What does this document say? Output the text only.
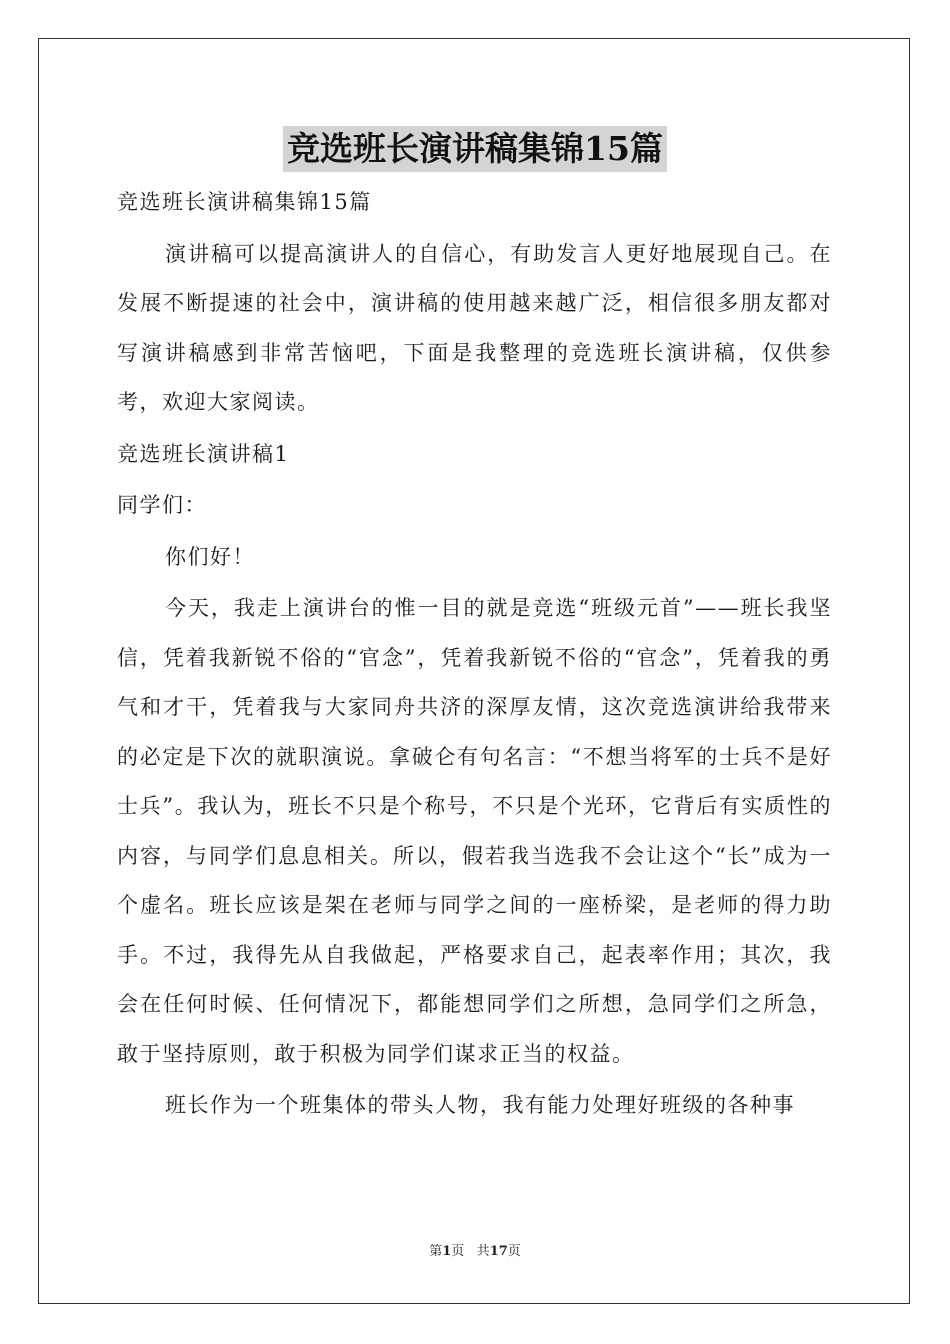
竞选班长演讲稿集锦15篇

竞选班长演讲稿集锦15篇

演讲稿可以提高演讲人的自信心，有助发言人更好地展现自己。在发展不断提速的社会中，演讲稿的使用越来越广泛，相信很多朋友都对写演讲稿感到非常苦恼吧，下面是我整理的竞选班长演讲稿，仅供参考，欢迎大家阅读。

竞选班长演讲稿1

同学们：

你们好！

今天，我走上演讲台的惟一目的就是竞选“班级元首”——班长我坚信，凭着我新锐不俗的“官念”，凭着我新锐不俗的“官念”，凭着我的勇气和才干，凭着我与大家同舟共济的深厚友情，这次竞选演讲给我带来的必定是下次的就职演说。拿破仑有句名言：“不想当将军的士兵不是好士兵”。我认为，班长不只是个称号，不只是个光环，它背后有实质性的内容，与同学们息息相关。所以，假若我当选我不会让这个“长”成为一个虚名。班长应该是架在老师与同学之间的一座桥梁，是老师的得力助手。不过，我得先从自我做起，严格要求自己，起表率作用；其次，我会在任何时候、任何情况下，都能想同学们之所想，急同学们之所急，敢于坚持原则，敢于积极为同学们谋求正当的权益。

班长作为一个班集体的带头人物，我有能力处理好班级的各种事

第1页 共17页
